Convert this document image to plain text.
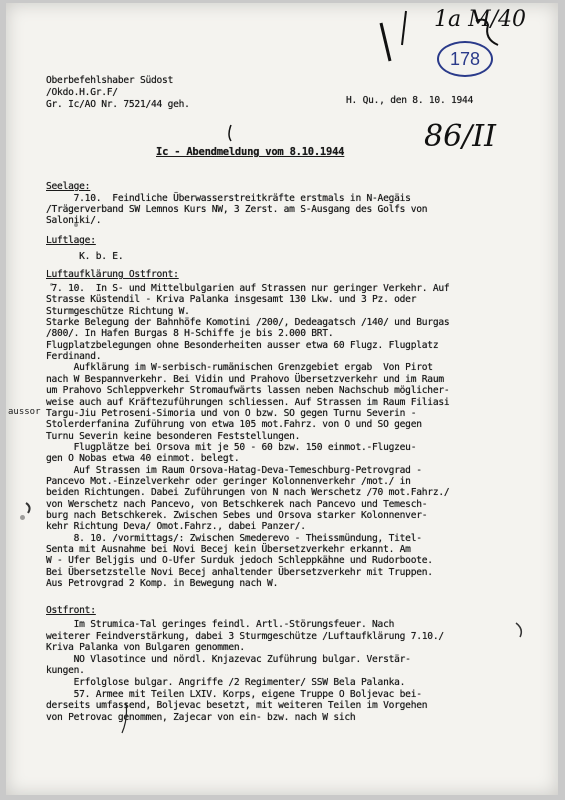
1a M/40
178
86/II
Oberbefehlshaber Südost
/Okdo.H.Gr.F/
Gr. Ic/AO Nr. 7521/44 geh.	H. Qu., den 8. 10. 1944
Ic - Abendmeldung vom 8.10.1944
Seelage:
7.10.  Feindliche Überwasserstreitkräfte erstmals in N-Aegäis
/Trägerverband SW Lemnos Kurs NW, 3 Zerst. am S-Ausgang des Golfs von
Saloniki/.
Luftlage:
K. b. E.
Luftaufklärung Ostfront:
7. 10.  In S- und Mittelbulgarien auf Strassen nur geringer Verkehr. Auf
Strasse Küstendil - Kriva Palanka insgesamt 130 Lkw. und 3 Pz. oder
Sturmgeschütze Richtung W.
Starke Belegung der Bahnhöfe Komotini /200/, Dedeagatsch /140/ und Burgas
/800/. In Hafen Burgas 8 H-Schiffe je bis 2.000 BRT.
Flugplatzbelegungen ohne Besonderheiten ausser etwa 60 Flugz. Flugplatz
Ferdinand.
Aufklärung im W-serbisch-rumänischen Grenzgebiet ergab  Von Pirot
nach W Bespannverkehr. Bei Vidin und Prahovo Übersetzverkehr und im Raum
um Prahovo Schleppverkehr Stromaufwärts lassen neben Nachschub möglicher-
weise auch auf Kräftezuführungen schliessen. Auf Strassen im Raum Filiasi
Targu-Jiu Petroseni-Simoria und von O bzw. SO gegen Turnu Severin -
Stolerderfanina Zuführung von etwa 105 mot.Fahrz. von O und SO gegen
Turnu Severin keine besonderen Feststellungen.
Flugplätze bei Orsova mit je 50 - 60 bzw. 150 einmot.-Flugzeu-
gen O Nobas etwa 40 einmot. belegt.
Auf Strassen im Raum Orsova-Hatag-Deva-Temeschburg-Petrovgrad -
Pancevo Mot.-Einzelverkehr oder geringer Kolonnenverkehr /mot./ in
beiden Richtungen. Dabei Zuführungen von N nach Werschetz /70 mot.Fahrz./
von Werschetz nach Pancevo, von Betschkerek nach Pancevo und Temesch-
burg nach Betschkerek. Zwischen Sebes und Orsova starker Kolonnenver-
kehr Richtung Deva/ Omot.Fahrz., dabei Panzer/.
8. 10. /vormittags/: Zwischen Smederevo - Theissmündung, Titel-
Senta mit Ausnahme bei Novi Becej kein Übersetzverkehr erkannt. Am
W - Ufer Beljgis und O-Ufer Surduk jedoch Schleppkähne und Rudorboote.
Bei Übersetzstelle Novi Becej anhaltender Übersetzverkehr mit Truppen.
Aus Petrovgrad 2 Komp. in Bewegung nach W.
aussor
Ostfront:
Im Strumica-Tal geringes feindl. Artl.-Störungsfeuer. Nach
weiterer Feindverstärkung, dabei 3 Sturmgeschütze /Luftaufklärung 7.10./
Kriva Palanka von Bulgaren genommen.
NO Vlasotince und nördl. Knjazevac Zuführung bulgar. Verstär-
kungen.
Erfolglose bulgar. Angriffe /2 Regimenter/ SSW Bela Palanka.
57. Armee mit Teilen LXIV. Korps, eigene Truppe O Boljevac bei-
derseits umfassend, Boljevac besetzt, mit weiteren Teilen im Vorgehen
von Petrovac genommen, Zajecar von ein- bzw. nach W sich
